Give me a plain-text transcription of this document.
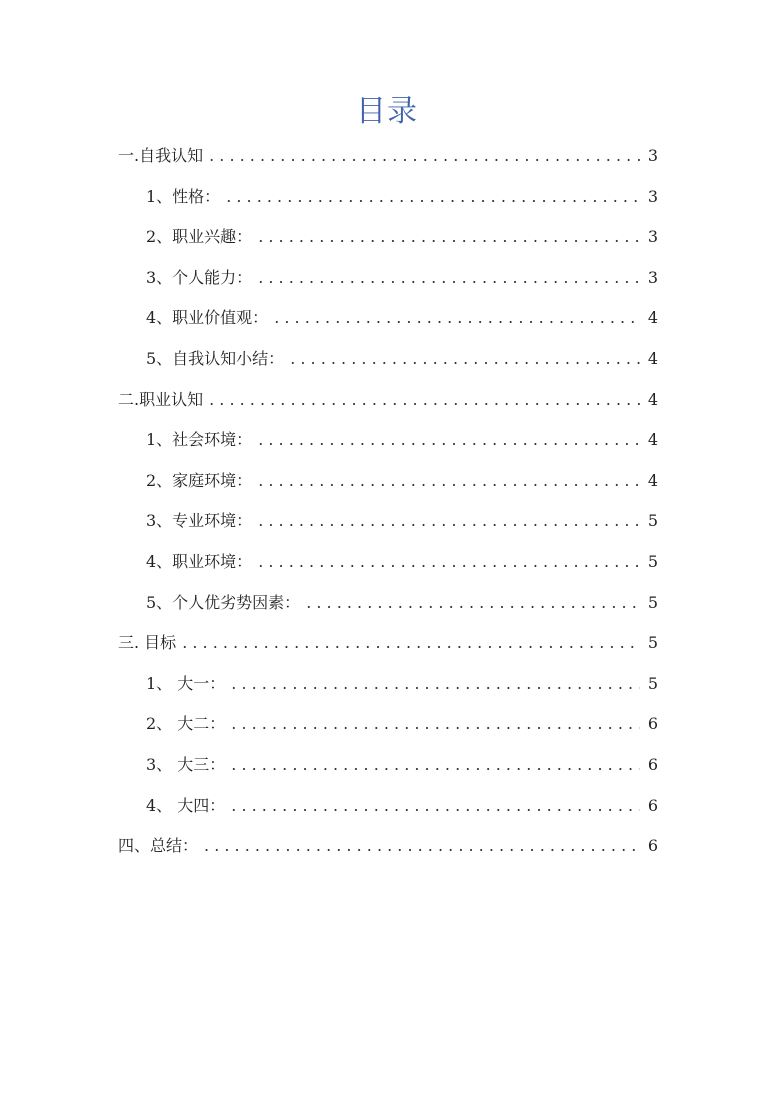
目录
一.自我认知 . . .	3
1、性格： . . .	3
2、职业兴趣： . . .	3
3、个人能力： . . .	3
4、职业价值观： . . .	4
5、自我认知小结： . . .	4
二.职业认知 . . .	4
1、社会环境： . . .	4
2、家庭环境： . . .	4
3、专业环境： . . .	5
4、职业环境： . . .	5
5、个人优劣势因素： . . .	5
三. 目标 . . .	5
1、 大一： . . .	5
2、 大二： . . .	6
3、 大三： . . .	6
4、 大四： . . .	6
四、总结： . . .	6
